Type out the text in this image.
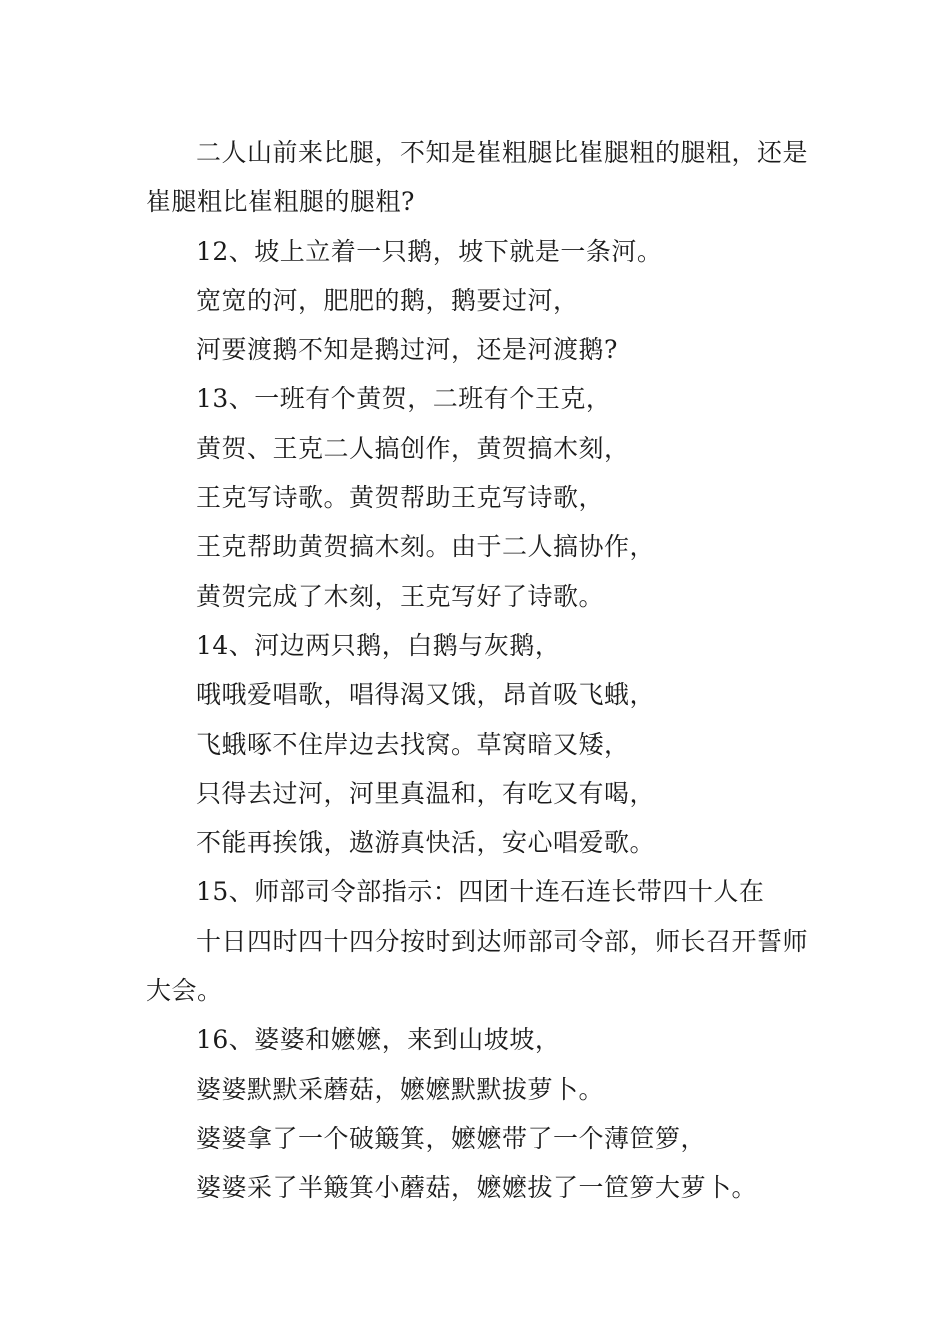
二人山前来比腿，不知是崔粗腿比崔腿粗的腿粗，还是崔腿粗比崔粗腿的腿粗?

12、坡上立着一只鹅，坡下就是一条河。

宽宽的河，肥肥的鹅，鹅要过河，

河要渡鹅不知是鹅过河，还是河渡鹅?

13、一班有个黄贺，二班有个王克，

黄贺、王克二人搞创作，黄贺搞木刻，

王克写诗歌。黄贺帮助王克写诗歌，

王克帮助黄贺搞木刻。由于二人搞协作，

黄贺完成了木刻，王克写好了诗歌。

14、河边两只鹅，白鹅与灰鹅，

哦哦爱唱歌，唱得渴又饿，昂首吸飞蛾，

飞蛾啄不住岸边去找窝。草窝暗又矮，

只得去过河，河里真温和，有吃又有喝，

不能再挨饿，遨游真快活，安心唱爱歌。

15、师部司令部指示：四团十连石连长带四十人在

十日四时四十四分按时到达师部司令部，师长召开誓师大会。

16、婆婆和嬷嬷，来到山坡坡，

婆婆默默采蘑菇，嬷嬷默默拔萝卜。

婆婆拿了一个破簸箕，嬷嬷带了一个薄笸箩，

婆婆采了半簸箕小蘑菇，嬷嬷拔了一笸箩大萝卜。
